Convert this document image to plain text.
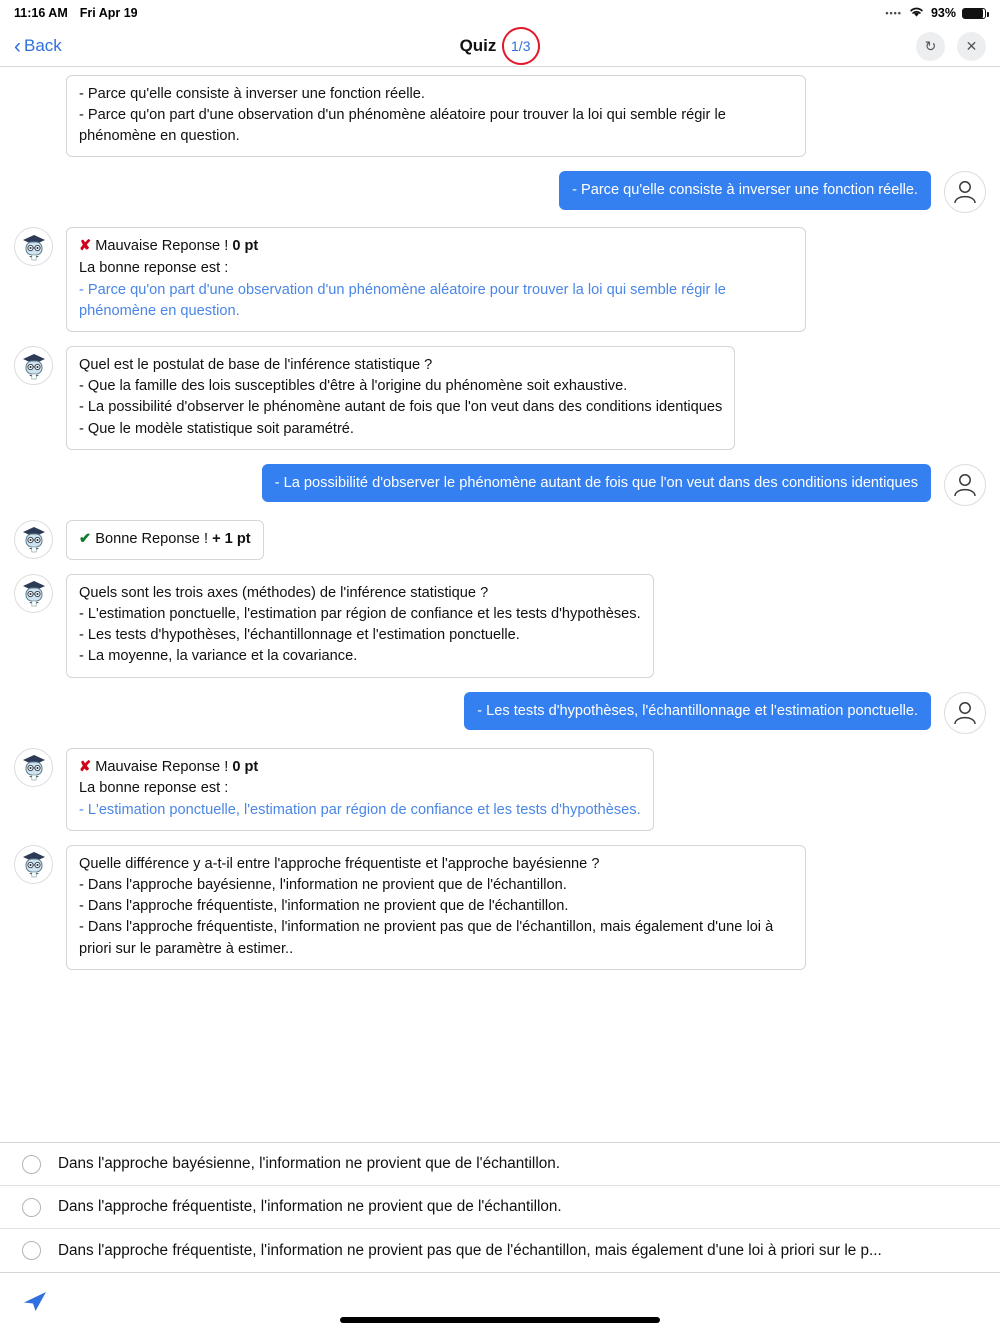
11:16 AM Fri Apr 19	•••• 93%
‹ Back	Quiz 1/3	↻ ✕
- Parce qu'elle consiste à inverser une fonction réelle.
- Parce qu'on part d'une observation d'un phénomène aléatoire pour trouver la loi qui semble régir le phénomène en question.
- Parce qu'elle consiste à inverser une fonction réelle.
✘ Mauvaise Reponse ! 0 pt
La bonne reponse est :
- Parce qu'on part d'une observation d'un phénomène aléatoire pour trouver la loi qui semble régir le phénomène en question.
Quel est le postulat de base de l'inférence statistique ?
- Que la famille des lois susceptibles d'être à l'origine du phénomène soit exhaustive.
- La possibilité d'observer le phénomène autant de fois que l'on veut dans des conditions identiques
- Que le modèle statistique soit paramétré.
- La possibilité d'observer le phénomène autant de fois que l'on veut dans des conditions identiques
✔ Bonne Reponse ! + 1 pt
Quels sont les trois axes (méthodes) de l'inférence statistique ?
- L'estimation ponctuelle, l'estimation par région de confiance et les tests d'hypothèses.
- Les tests d'hypothèses, l'échantillonnage et l'estimation ponctuelle.
- La moyenne, la variance et la covariance.
- Les tests d'hypothèses, l'échantillonnage et l'estimation ponctuelle.
✘ Mauvaise Reponse ! 0 pt
La bonne reponse est :
- L'estimation ponctuelle, l'estimation par région de confiance et les tests d'hypothèses.
Quelle différence y a-t-il entre l'approche fréquentiste et l'approche bayésienne ?
- Dans l'approche bayésienne, l'information ne provient que de l'échantillon.
- Dans l'approche fréquentiste, l'information ne provient que de l'échantillon.
- Dans l'approche fréquentiste, l'information ne provient pas que de l'échantillon, mais également d'une loi à priori sur le paramètre à estimer..
Dans l'approche bayésienne, l'information ne provient que de l'échantillon.
Dans l'approche fréquentiste, l'information ne provient que de l'échantillon.
Dans l'approche fréquentiste, l'information ne provient pas que de l'échantillon, mais également d'une loi à priori sur le p...
